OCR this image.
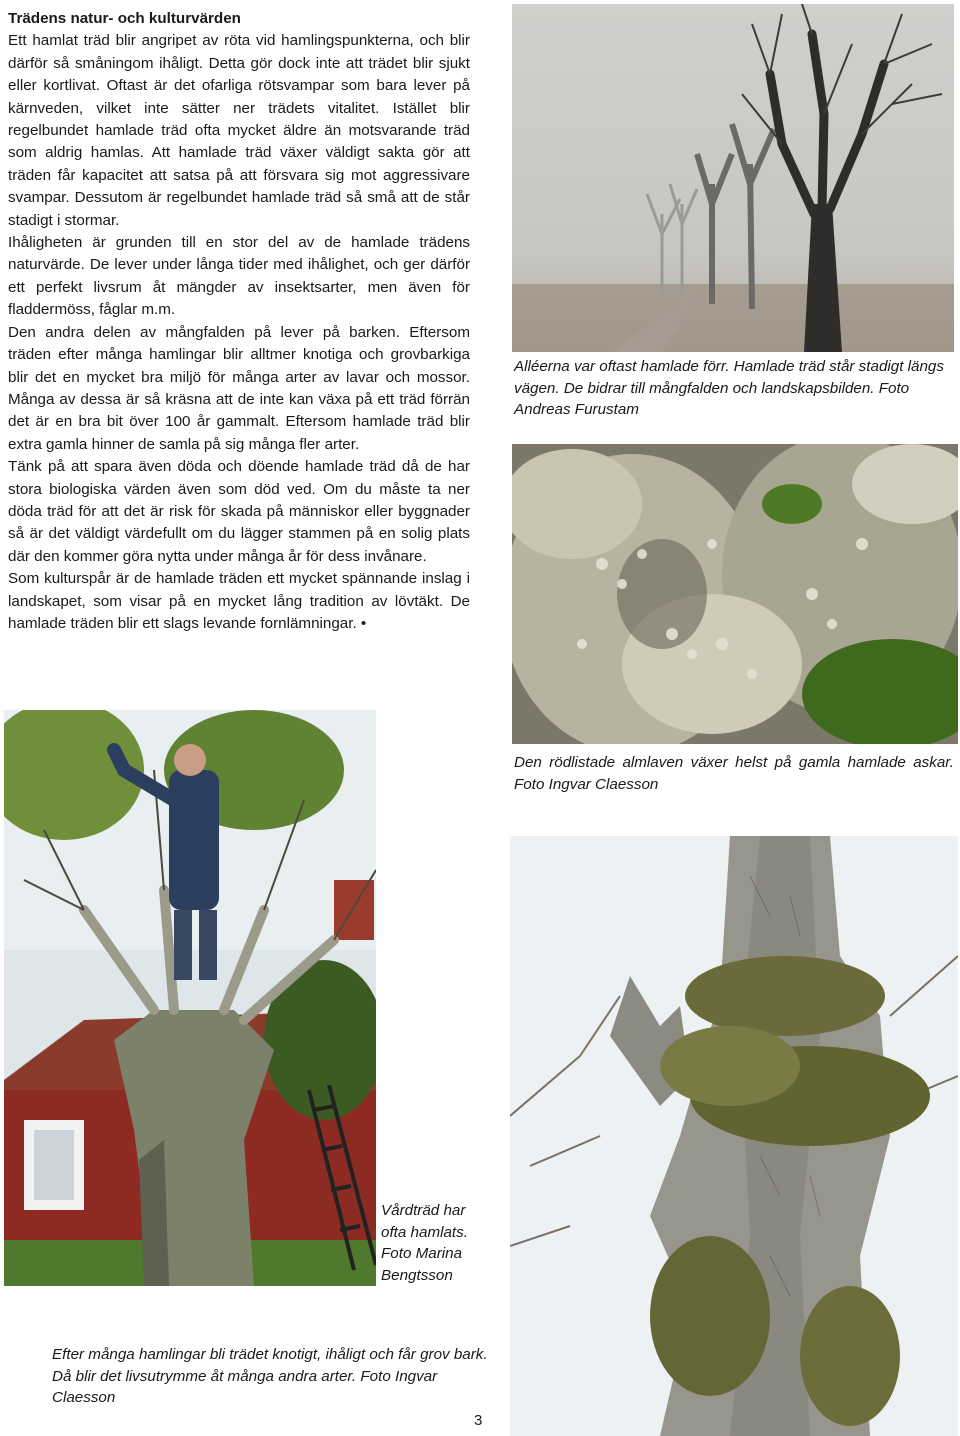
Trädens natur- och kulturvärden

Ett hamlat träd blir angripet av röta vid hamlingspunkterna, och blir därför så småningom ihåligt. Detta gör dock inte att trädet blir sjukt eller kortlivat. Oftast är det ofarliga rötsvampar som bara lever på kärnveden, vilket inte sätter ner trädets vitalitet. Istället blir regelbundet hamlade träd ofta mycket äldre än motsvarande träd som aldrig hamlas. Att hamlade träd växer väldigt sakta gör att träden får kapacitet att satsa på att försvara sig mot aggressivare svampar. Dessutom är regelbundet hamlade träd så små att de står stadigt i stormar.

Ihåligheten är grunden till en stor del av de hamlade trädens naturvärde. De lever under långa tider med ihålighet, och ger därför ett perfekt livsrum åt mängder av insektsarter, men även för fladdermöss, fåglar m.m.

Den andra delen av mångfalden på lever på barken. Eftersom träden efter många hamlingar blir alltmer knotiga och grovbarkiga blir det en mycket bra miljö för många arter av lavar och mossor. Många av dessa är så kräsna att de inte kan växa på ett träd förrän det är en bra bit över 100 år gammalt. Eftersom hamlade träd blir extra gamla hinner de samla på sig många fler arter.

Tänk på att spara även döda och döende hamlade träd då de har stora biologiska värden även som död ved. Om du måste ta ner döda träd för att det är risk för skada på människor eller byggnader så är det väldigt värdefullt om du lägger stammen på en solig plats där den kommer göra nytta under många år för dess invånare.

Som kulturspår är de hamlade träden ett mycket spännande inslag i landskapet, som visar på en mycket lång tradition av lövtäkt. De hamlade träden blir ett slags levande fornlämningar. •

Alléerna var oftast hamlade förr. Hamlade träd står stadigt längs vägen. De bidrar till mångfalden och landskapsbilden. Foto Andreas Furustam
Den rödlistade almlaven växer helst på gamla hamlade askar. Foto Ingvar Claesson
Vårdträd har ofta hamlats. Foto Marina Bengtsson
Efter många hamlingar bli trädet knotigt, ihåligt och får grov bark. Då blir det livsutrymme åt många andra arter. Foto Ingvar Claesson
3
